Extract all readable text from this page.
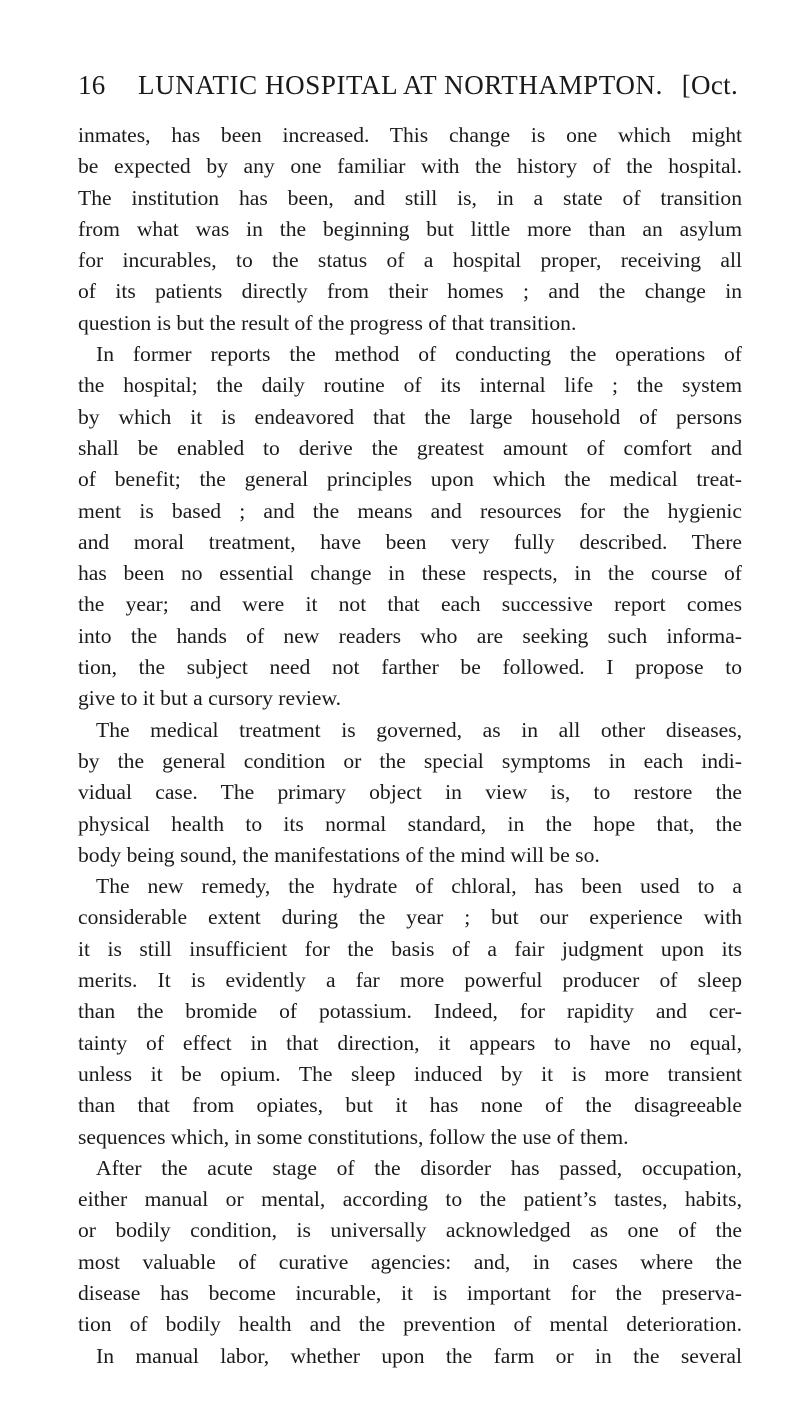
16 LUNATIC HOSPITAL AT NORTHAMPTON. [Oct.
inmates, has been increased. This change is one which might
be expected by any one familiar with the history of the hospital.
The institution has been, and still is, in a state of transition
from what was in the beginning but little more than an asylum
for incurables, to the status of a hospital proper, receiving all
of its patients directly from their homes ; and the change in
question is but the result of the progress of that transition.
In former reports the method of conducting the operations of
the hospital; the daily routine of its internal life ; the system
by which it is endeavored that the large household of persons
shall be enabled to derive the greatest amount of comfort and
of benefit; the general principles upon which the medical treat-
ment is based ; and the means and resources for the hygienic
and moral treatment, have been very fully described. There
has been no essential change in these respects, in the course of
the year; and were it not that each successive report comes
into the hands of new readers who are seeking such informa-
tion, the subject need not farther be followed. I propose to
give to it but a cursory review.
The medical treatment is governed, as in all other diseases,
by the general condition or the special symptoms in each indi-
vidual case. The primary object in view is, to restore the
physical health to its normal standard, in the hope that, the
body being sound, the manifestations of the mind will be so.
The new remedy, the hydrate of chloral, has been used to a
considerable extent during the year ; but our experience with
it is still insufficient for the basis of a fair judgment upon its
merits. It is evidently a far more powerful producer of sleep
than the bromide of potassium. Indeed, for rapidity and cer-
tainty of effect in that direction, it appears to have no equal,
unless it be opium. The sleep induced by it is more transient
than that from opiates, but it has none of the disagreeable
sequences which, in some constitutions, follow the use of them.
After the acute stage of the disorder has passed, occupation,
either manual or mental, according to the patient’s tastes, habits,
or bodily condition, is universally acknowledged as one of the
most valuable of curative agencies: and, in cases where the
disease has become incurable, it is important for the preserva-
tion of bodily health and the prevention of mental deterioration.
In manual labor, whether upon the farm or in the several
